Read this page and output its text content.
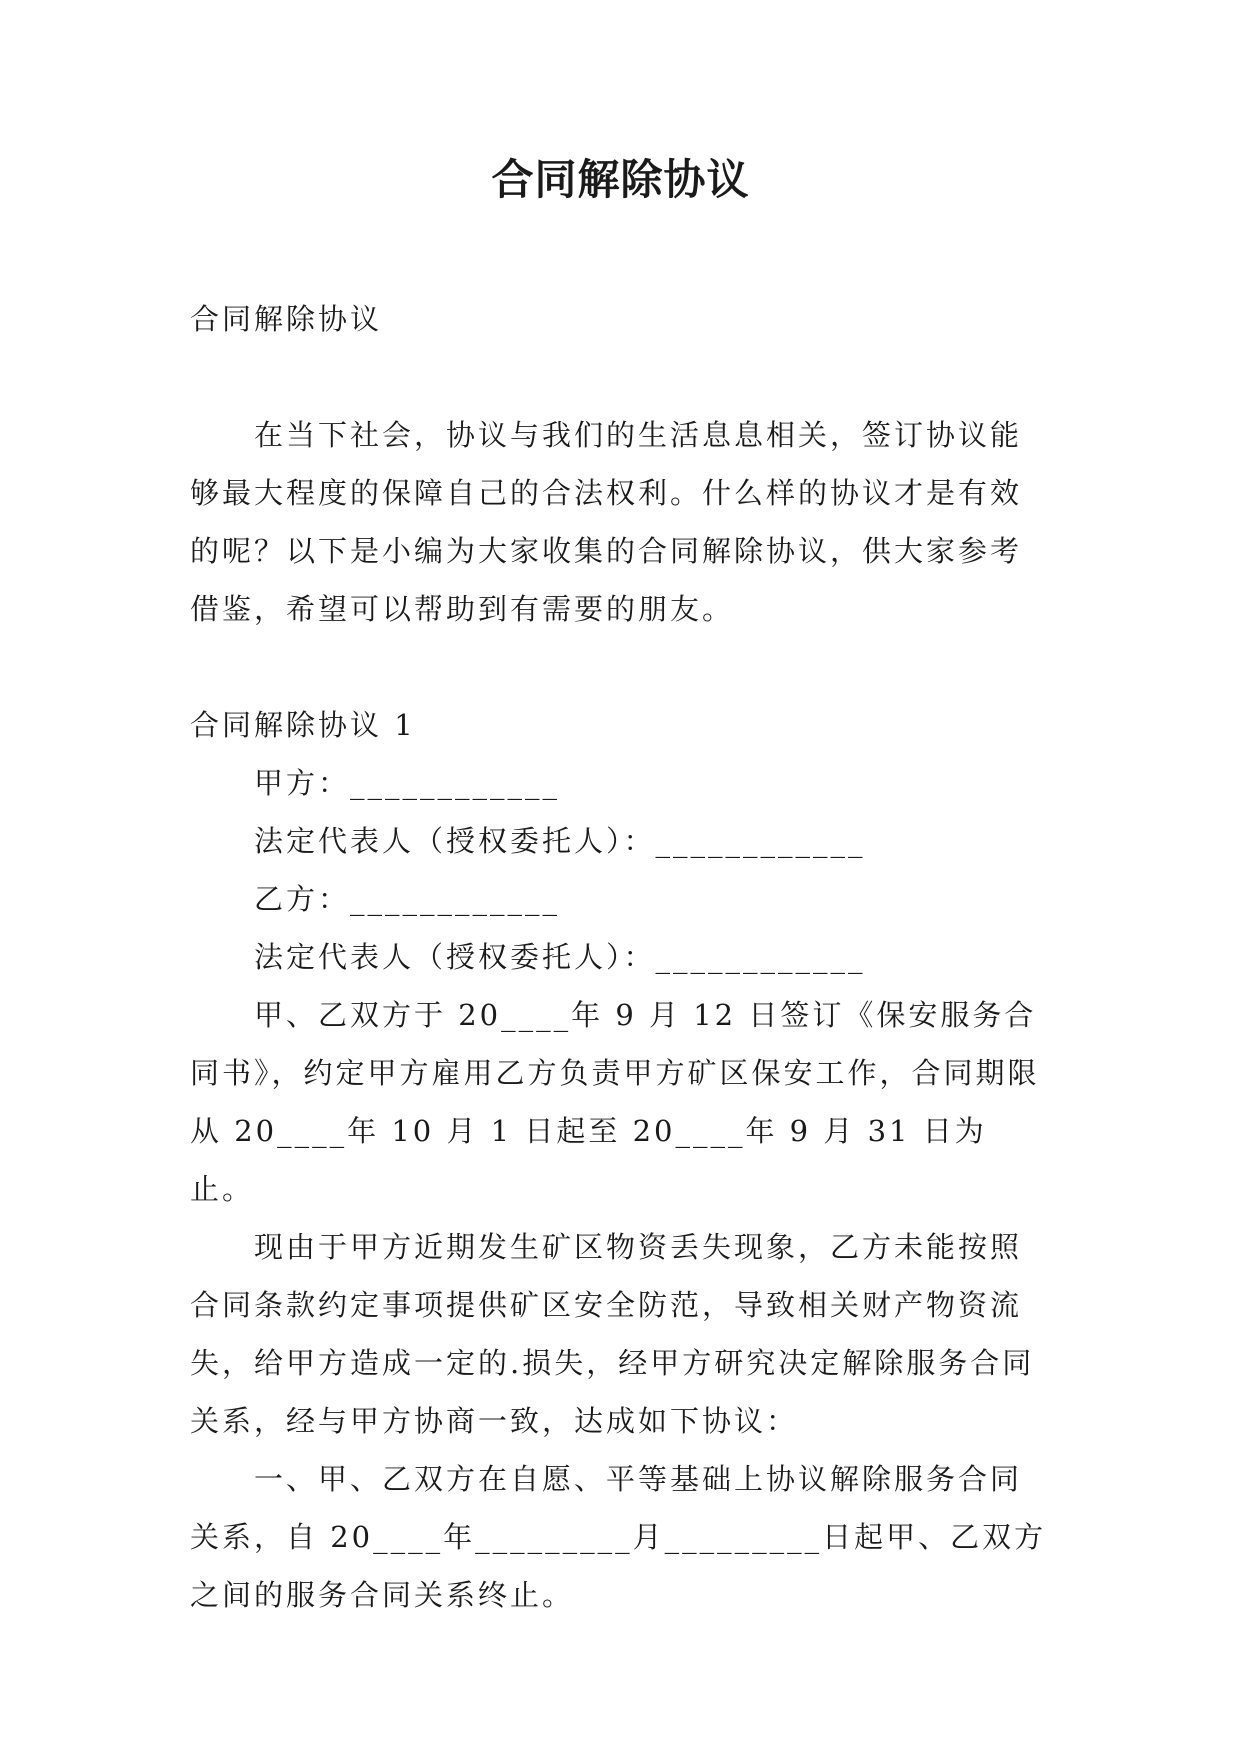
合同解除协议

合同解除协议

在当下社会，协议与我们的生活息息相关，签订协议能够最大程度的保障自己的合法权利。什么样的协议才是有效的呢？以下是小编为大家收集的合同解除协议，供大家参考借鉴，希望可以帮助到有需要的朋友。

合同解除协议 1

甲方：____________

法定代表人（授权委托人）：____________

乙方：____________

法定代表人（授权委托人）：____________

甲、乙双方于 20____年 9 月 12 日签订《保安服务合同书》，约定甲方雇用乙方负责甲方矿区保安工作，合同期限从 20____年 10 月 1 日起至 20____年 9 月 31 日为止。

现由于甲方近期发生矿区物资丢失现象，乙方未能按照合同条款约定事项提供矿区安全防范，导致相关财产物资流失，给甲方造成一定的.损失，经甲方研究决定解除服务合同关系，经与甲方协商一致，达成如下协议：

一、甲、乙双方在自愿、平等基础上协议解除服务合同关系，自 20____年_________月_________日起甲、乙双方之间的服务合同关系终止。
